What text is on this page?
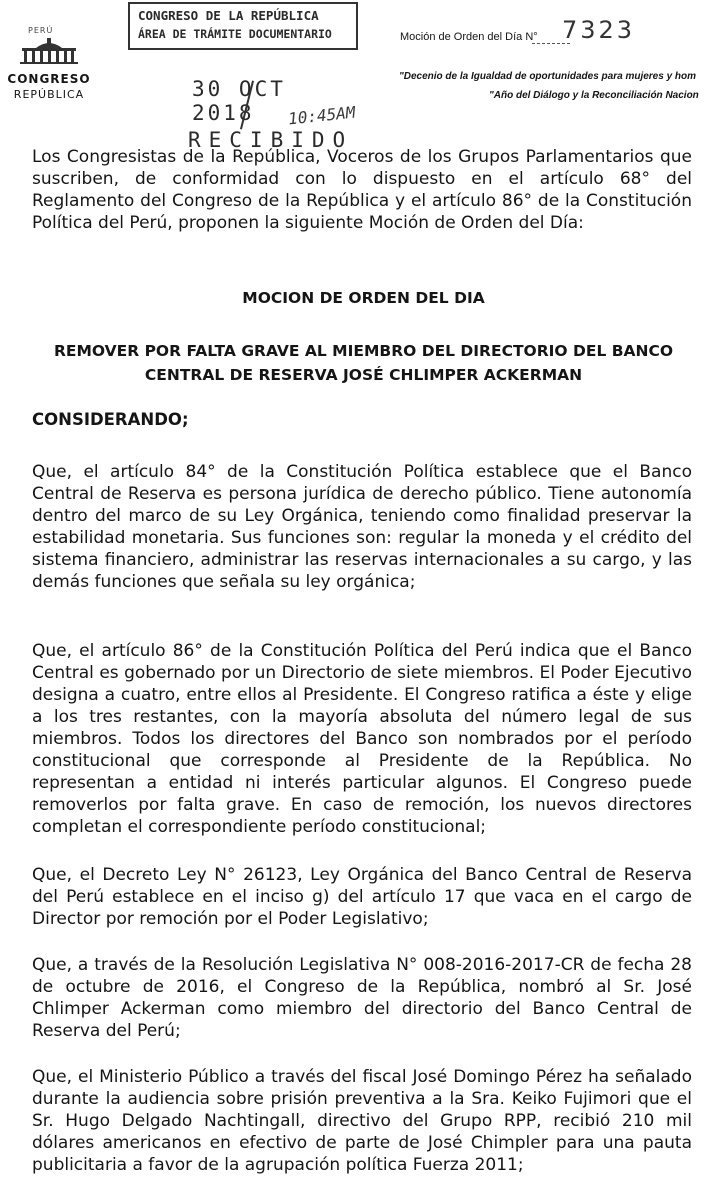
PERÚ
CONGRESO
REPÚBLICA
CONGRESO DE LA REPÚBLICA
ÁREA DE TRÁMITE DOCUMENTARIO
30 OCT 2018	10:45AM
RECIBIDO
Moción de Orden del Día N° 7323
"Decenio de la Igualdad de oportunidades para mujeres y hom
"Año del Diálogo y la Reconciliación Nacion
Los Congresistas de la República, Voceros de los Grupos Parlamentarios que suscriben, de conformidad con lo dispuesto en el artículo 68° del Reglamento del Congreso de la República y el artículo 86° de la Constitución Política del Perú, proponen la siguiente Moción de Orden del Día:
MOCION DE ORDEN DEL DIA
REMOVER POR FALTA GRAVE AL MIEMBRO DEL DIRECTORIO DEL BANCO
CENTRAL DE RESERVA JOSÉ CHLIMPER ACKERMAN
CONSIDERANDO;
Que, el artículo 84° de la Constitución Política establece que el Banco Central de Reserva es persona jurídica de derecho público. Tiene autonomía dentro del marco de su Ley Orgánica, teniendo como finalidad preservar la estabilidad monetaria. Sus funciones son: regular la moneda y el crédito del sistema financiero, administrar las reservas internacionales a su cargo, y las demás funciones que señala su ley orgánica;
Que, el artículo 86° de la Constitución Política del Perú indica que el Banco Central es gobernado por un Directorio de siete miembros. El Poder Ejecutivo designa a cuatro, entre ellos al Presidente. El Congreso ratifica a éste y elige a los tres restantes, con la mayoría absoluta del número legal de sus miembros. Todos los directores del Banco son nombrados por el período constitucional que corresponde al Presidente de la República. No representan a entidad ni interés particular algunos. El Congreso puede removerlos por falta grave. En caso de remoción, los nuevos directores completan el correspondiente período constitucional;
Que, el Decreto Ley N° 26123, Ley Orgánica del Banco Central de Reserva del Perú establece en el inciso g) del artículo 17 que vaca en el cargo de Director por remoción por el Poder Legislativo;
Que, a través de la Resolución Legislativa N° 008-2016-2017-CR de fecha 28 de octubre de 2016, el Congreso de la República, nombró al Sr. José Chlimper Ackerman como miembro del directorio del Banco Central de Reserva del Perú;
Que, el Ministerio Público a través del fiscal José Domingo Pérez ha señalado durante la audiencia sobre prisión preventiva a la Sra. Keiko Fujimori que el Sr. Hugo Delgado Nachtingall, directivo del Grupo RPP, recibió 210 mil dólares americanos en efectivo de parte de José Chimpler para una pauta publicitaria a favor de la agrupación política Fuerza 2011;
